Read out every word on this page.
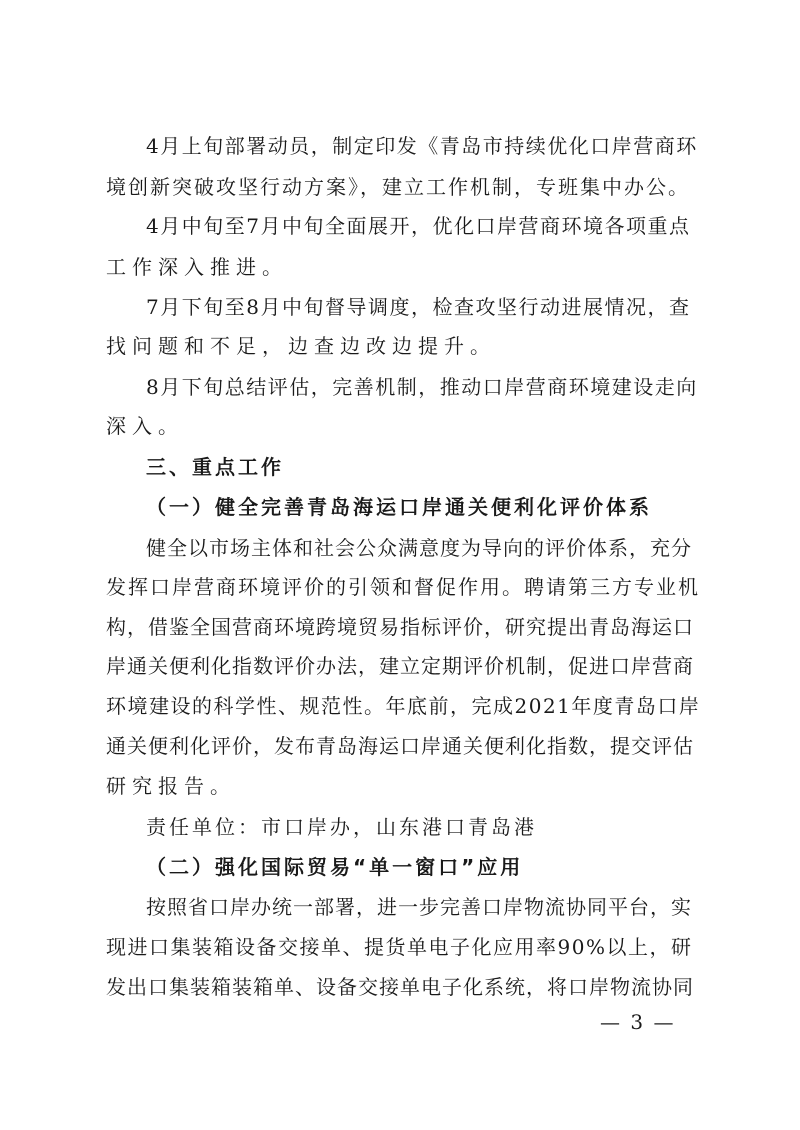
4月上旬部署动员，制定印发《青岛市持续优化口岸营商环
境创新突破攻坚行动方案》，建立工作机制，专班集中办公。
4月中旬至7月中旬全面展开，优化口岸营商环境各项重点
工作深入推进。
7月下旬至8月中旬督导调度，检查攻坚行动进展情况，查
找问题和不足，边查边改边提升。
8月下旬总结评估，完善机制，推动口岸营商环境建设走向
深入。
三、重点工作
（一）健全完善青岛海运口岸通关便利化评价体系
健全以市场主体和社会公众满意度为导向的评价体系，充分
发挥口岸营商环境评价的引领和督促作用。聘请第三方专业机
构，借鉴全国营商环境跨境贸易指标评价，研究提出青岛海运口
岸通关便利化指数评价办法，建立定期评价机制，促进口岸营商
环境建设的科学性、规范性。年底前，完成2021年度青岛口岸
通关便利化评价，发布青岛海运口岸通关便利化指数，提交评估
研究报告。
责任单位：市口岸办，山东港口青岛港
（二）强化国际贸易“单一窗口”应用
按照省口岸办统一部署，进一步完善口岸物流协同平台，实
现进口集装箱设备交接单、提货单电子化应用率90%以上，研
发出口集装箱装箱单、设备交接单电子化系统，将口岸物流协同
— 3 —
